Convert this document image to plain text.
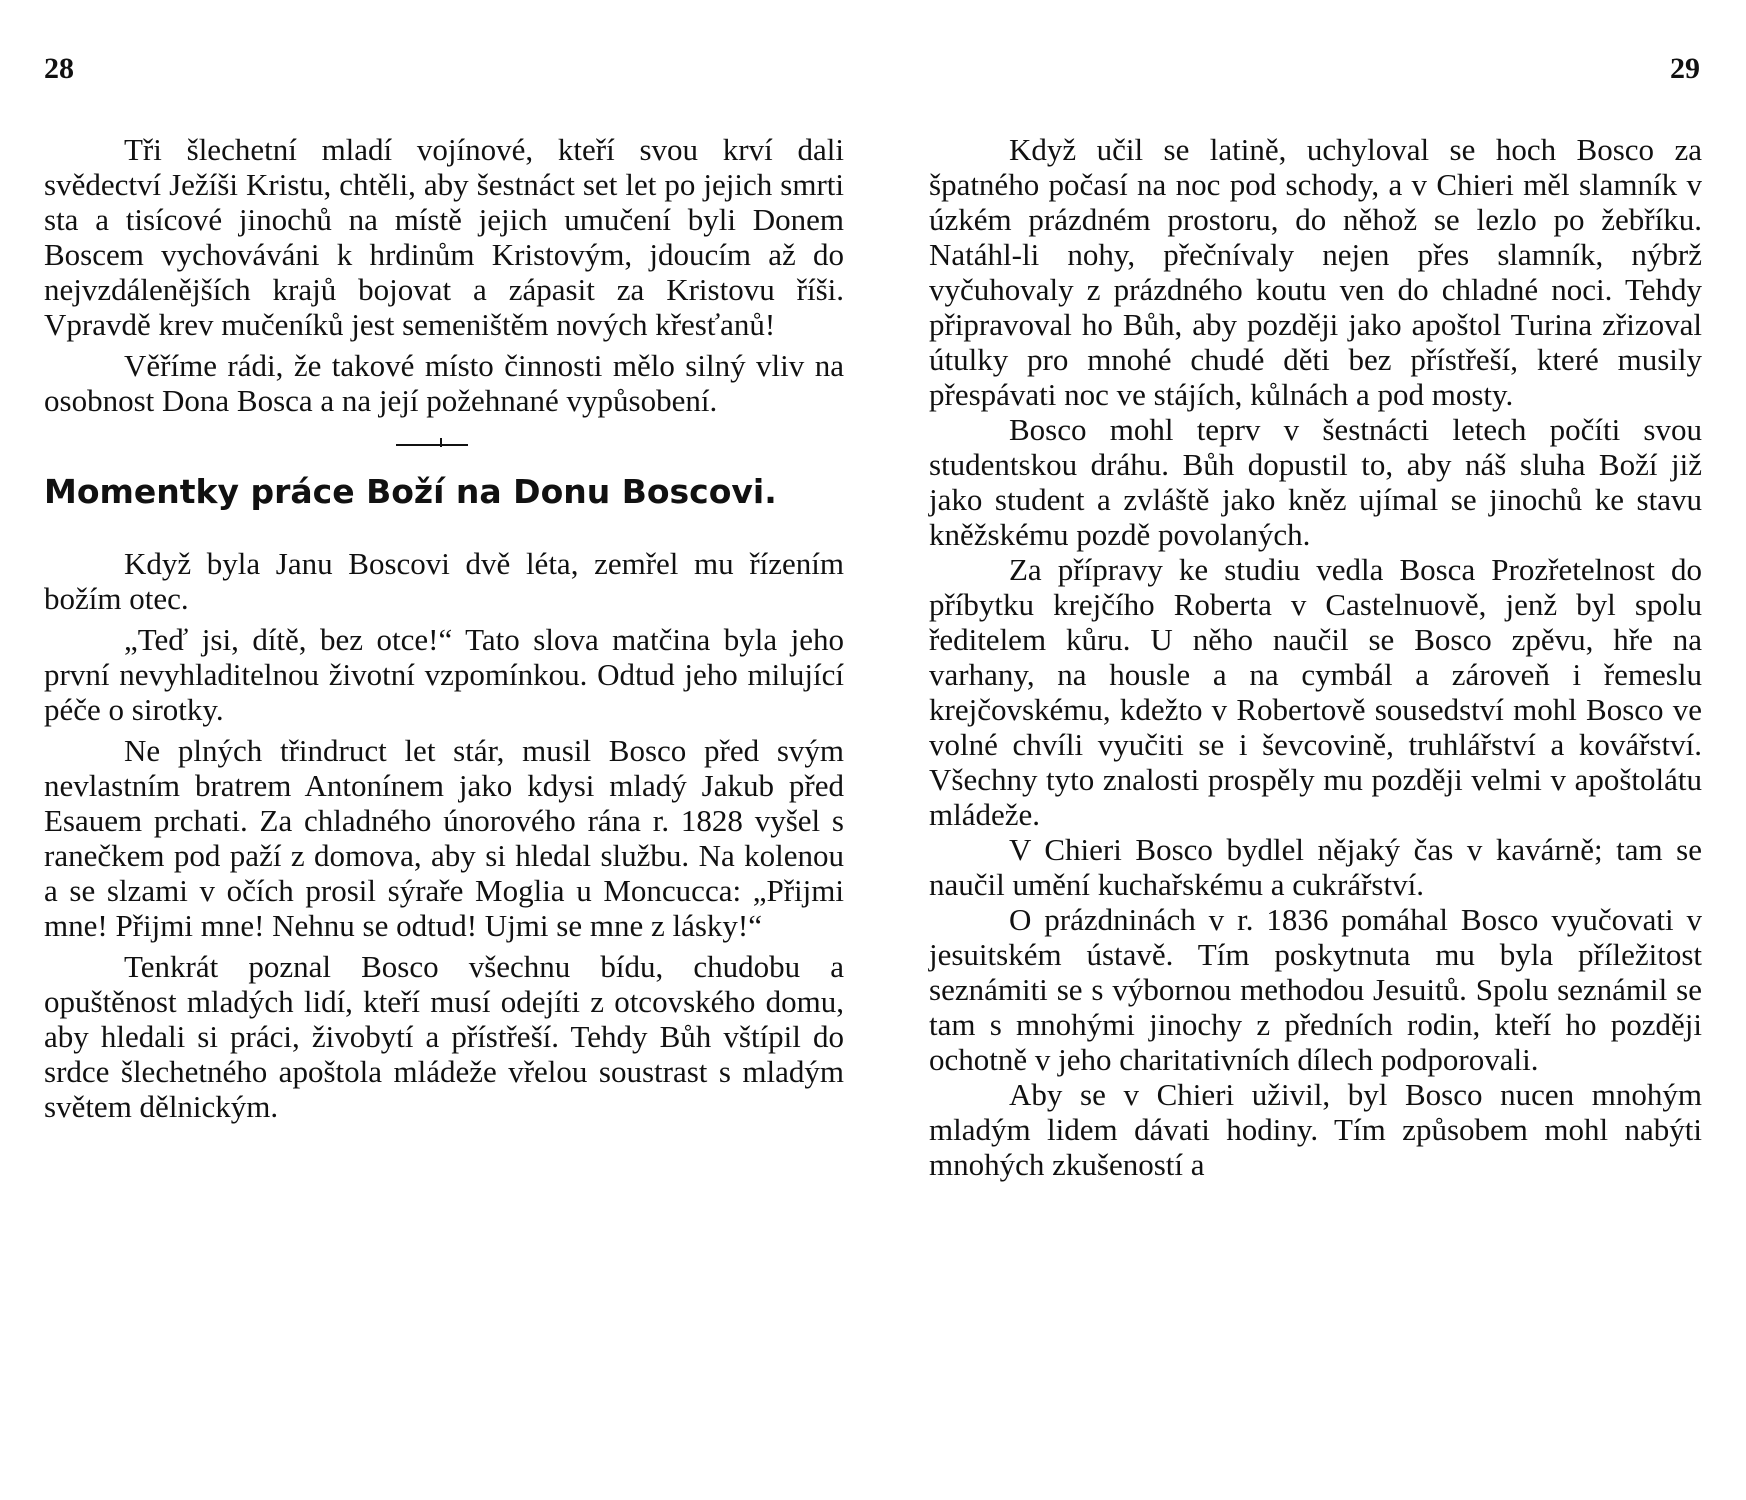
28

Tři šlechetní mladí vojínové, kteří svou krví dali svědectví Ježíši Kristu, chtěli, aby šestnáct set let po jejich smrti sta a tisícové jinochů na místě jejich umučení byli Donem Boscem vychováváni k hrdinům Kristovým, jdoucím až do nejvzdálenějších krajů bojovat a zápasit za Kristovu říši. Vpravdě krev mučeníků jest semeništěm nových křesťanů!

Věříme rádi, že takové místo činnosti mělo silný vliv na osobnost Dona Bosca a na její požehnané vypůsobení.

Momentky práce Boží na Donu Boscovi.

Když byla Janu Boscovi dvě léta, zemřel mu řízením božím otec.

„Teď jsi, dítě, bez otce!“ Tato slova matčina byla jeho první nevyhladitelnou životní vzpomínkou. Odtud jeho milující péče o sirotky.

Ne plných třindruct let stár, musil Bosco před svým nevlastním bratrem Antonínem jako kdysi mladý Jakub před Esauem prchati. Za chladného únorového rána r. 1828 vyšel s ranečkem pod paží z domova, aby si hledal službu. Na kolenou a se slzami v očích prosil sýraře Moglia u Moncucca: „Přijmi mne! Přijmi mne! Nehnu se odtud! Ujmi se mne z lásky!“

Tenkrát poznal Bosco všechnu bídu, chudobu a opuštěnost mladých lidí, kteří musí odejíti z otcovského domu, aby hledali si práci, živobytí a přístřeší. Tehdy Bůh vštípil do srdce šlechetného apoštola mládeže vřelou soustrast s mladým světem dělnickým.

29

Když učil se latině, uchyloval se hoch Bosco za špatného počasí na noc pod schody, a v Chieri měl slamník v úzkém prázdném prostoru, do něhož se lezlo po žebříku. Natáhl-li nohy, přečnívaly nejen přes slamník, nýbrž vyčuhovaly z prázdného koutu ven do chladné noci. Tehdy připravoval ho Bůh, aby později jako apoštol Turina zřizoval útulky pro mnohé chudé děti bez přístřeší, které musily přespávati noc ve stájích, kůlnách a pod mosty.

Bosco mohl teprv v šestnácti letech počíti svou studentskou dráhu. Bůh dopustil to, aby náš sluha Boží již jako student a zvláště jako kněz ujímal se jinochů ke stavu kněžskému pozdě povolaných.

Za přípravy ke studiu vedla Bosca Prozřetelnost do příbytku krejčího Roberta v Castelnuově, jenž byl spolu ředitelem kůru. U něho naučil se Bosco zpěvu, hře na varhany, na housle a na cymbál a zároveň i řemeslu krejčovskému, kdežto v Robertově sousedství mohl Bosco ve volné chvíli vyučiti se i ševcovině, truhlářství a kovářství. Všechny tyto znalosti prospěly mu později velmi v apoštolátu mládeže.

V Chieri Bosco bydlel nějaký čas v kavárně; tam se naučil umění kuchařskému a cukrářství.

O prázdninách v r. 1836 pomáhal Bosco vyučovati v jesuitském ústavě. Tím poskytnuta mu byla příležitost seznámiti se s výbornou methodou Jesuitů. Spolu seznámil se tam s mnohými jinochy z předních rodin, kteří ho později ochotně v jeho charitativních dílech podporovali.

Aby se v Chieri uživil, byl Bosco nucen mnohým mladým lidem dávati hodiny. Tím způsobem mohl nabýti mnohých zkušeností a
